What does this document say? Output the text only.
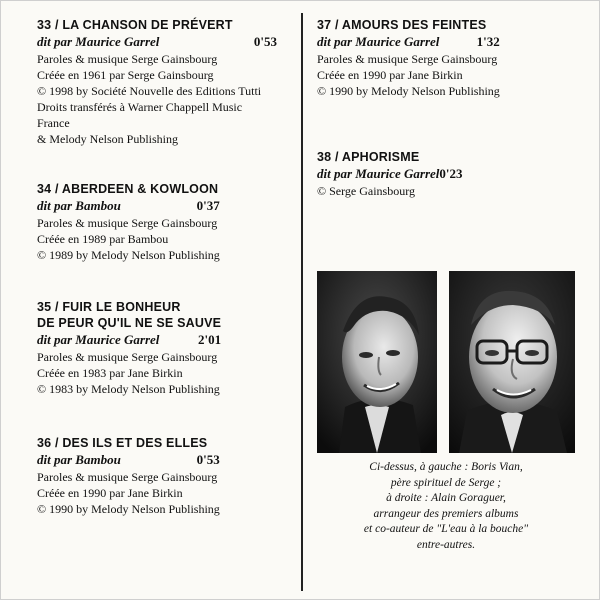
33 / LA CHANSON DE PRÉVERT
dit par Maurice Garrel	0'53
Paroles & musique Serge Gainsbourg
Créée en 1961 par Serge Gainsbourg
© 1998 by Société Nouvelle des Editions Tutti
Droits transférés à Warner Chappell Music France
& Melody Nelson Publishing
34 / ABERDEEN & KOWLOON
dit par Bambou	0'37
Paroles & musique Serge Gainsbourg
Créée en 1989 par Bambou
© 1989 by Melody Nelson Publishing
35 / FUIR LE BONHEUR
DE PEUR QU'IL NE SE SAUVE
dit par Maurice Garrel	2'01
Paroles & musique Serge Gainsbourg
Créée en 1983 par Jane Birkin
© 1983 by Melody Nelson Publishing
36 / DES ILS ET DES ELLES
dit par Bambou	0'53
Paroles & musique Serge Gainsbourg
Créée en 1990 par Jane Birkin
© 1990 by Melody Nelson Publishing
37 / AMOURS DES FEINTES
dit par Maurice Garrel	1'32
Paroles & musique Serge Gainsbourg
Créée en 1990 par Jane Birkin
© 1990 by Melody Nelson Publishing
38 / APHORISME
dit par Maurice Garrel 0'23
© Serge Gainsbourg
Ci-dessus, à gauche : Boris Vian,
père spirituel de Serge ;
à droite : Alain Goraguer,
arrangeur des premiers albums
et co-auteur de "L'eau à la bouche"
entre-autres.
